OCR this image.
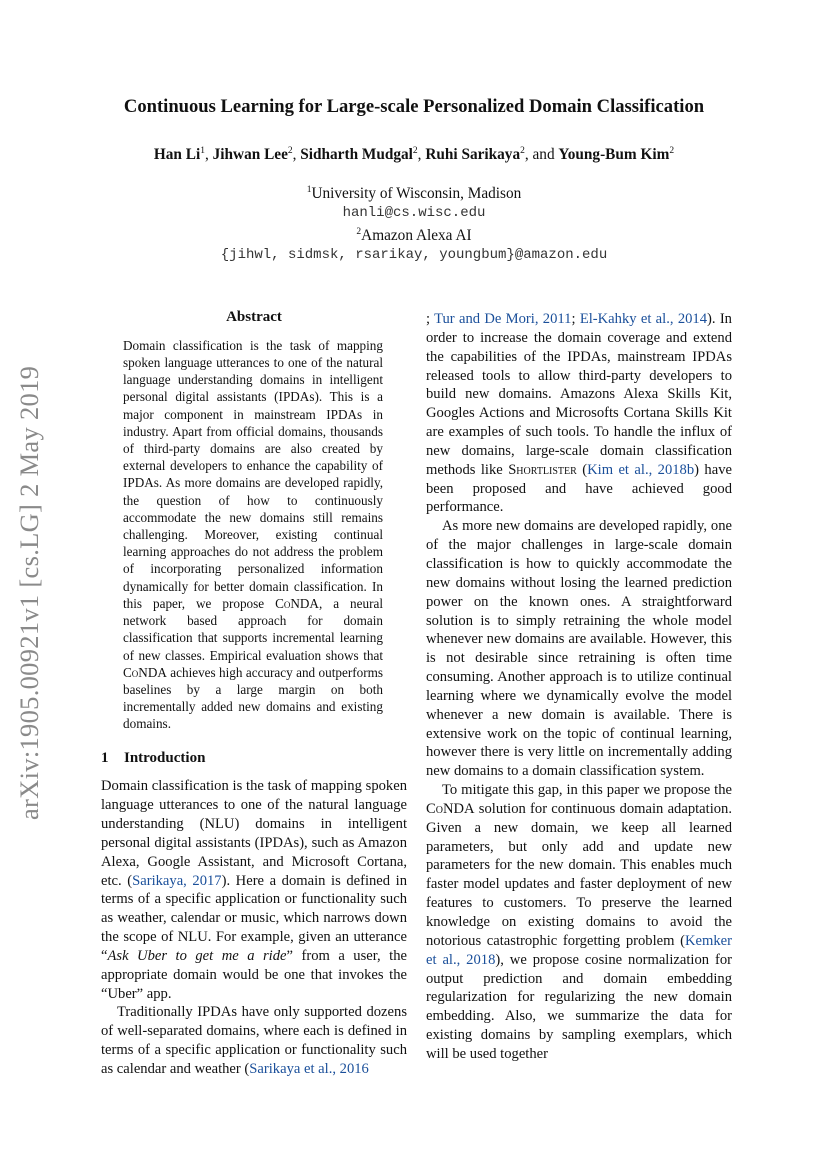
arXiv:1905.00921v1 [cs.LG] 2 May 2019
Continuous Learning for Large-scale Personalized Domain Classification
Han Li$^1$, Jihwan Lee$^2$, Sidharth Mudgal$^2$, Ruhi Sarikaya$^2$, and Young-Bum Kim$^2$
$^1$University of Wisconsin, Madison
hanli@cs.wisc.edu
$^2$Amazon Alexa AI
{jihwl, sidmsk, rsarikay, youngbum}@amazon.edu
Abstract

Domain classification is the task of mapping spoken language utterances to one of the natural language understanding domains in intelligent personal digital assistants (IPDAs). This is a major component in mainstream IPDAs in industry. Apart from official domains, thousands of third-party domains are also created by external developers to enhance the capability of IPDAs. As more domains are developed rapidly, the question of how to continuously accommodate the new domains still remains challenging. Moreover, existing continual learning approaches do not address the problem of incorporating personalized information dynamically for better domain classification. In this paper, we propose CoNDA, a neural network based approach for domain classification that supports incremental learning of new classes. Empirical evaluation shows that CoNDA achieves high accuracy and outperforms baselines by a large margin on both incrementally added new domains and existing domains.

1 Introduction

Domain classification is the task of mapping spoken language utterances to one of the natural language understanding (NLU) domains in intelligent personal digital assistants (IPDAs), such as Amazon Alexa, Google Assistant, and Microsoft Cortana, etc. (Sarikaya, 2017). Here a domain is defined in terms of a specific application or functionality such as weather, calendar or music, which narrows down the scope of NLU. For example, given an utterance “Ask Uber to get me a ride” from a user, the appropriate domain would be one that invokes the “Uber” app.

Traditionally IPDAs have only supported dozens of well-separated domains, where each is defined in terms of a specific application or functionality such as calendar and weather (Sarikaya et al., 2016

; Tur and De Mori, 2011; El-Kahky et al., 2014). In order to increase the domain coverage and extend the capabilities of the IPDAs, mainstream IPDAs released tools to allow third-party developers to build new domains. Amazons Alexa Skills Kit, Googles Actions and Microsofts Cortana Skills Kit are examples of such tools. To handle the influx of new domains, large-scale domain classification methods like Shortlister (Kim et al., 2018b) have been proposed and have achieved good performance.

As more new domains are developed rapidly, one of the major challenges in large-scale domain classification is how to quickly accommodate the new domains without losing the learned prediction power on the known ones. A straightforward solution is to simply retraining the whole model whenever new domains are available. However, this is not desirable since retraining is often time consuming. Another approach is to utilize continual learning where we dynamically evolve the model whenever a new domain is available. There is extensive work on the topic of continual learning, however there is very little on incrementally adding new domains to a domain classification system.

To mitigate this gap, in this paper we propose the CoNDA solution for continuous domain adaptation. Given a new domain, we keep all learned parameters, but only add and update new parameters for the new domain. This enables much faster model updates and faster deployment of new features to customers. To preserve the learned knowledge on existing domains to avoid the notorious catastrophic forgetting problem (Kemker et al., 2018), we propose cosine normalization for output prediction and domain embedding regularization for regularizing the new domain embedding. Also, we summarize the data for existing domains by sampling exemplars, which will be used together
